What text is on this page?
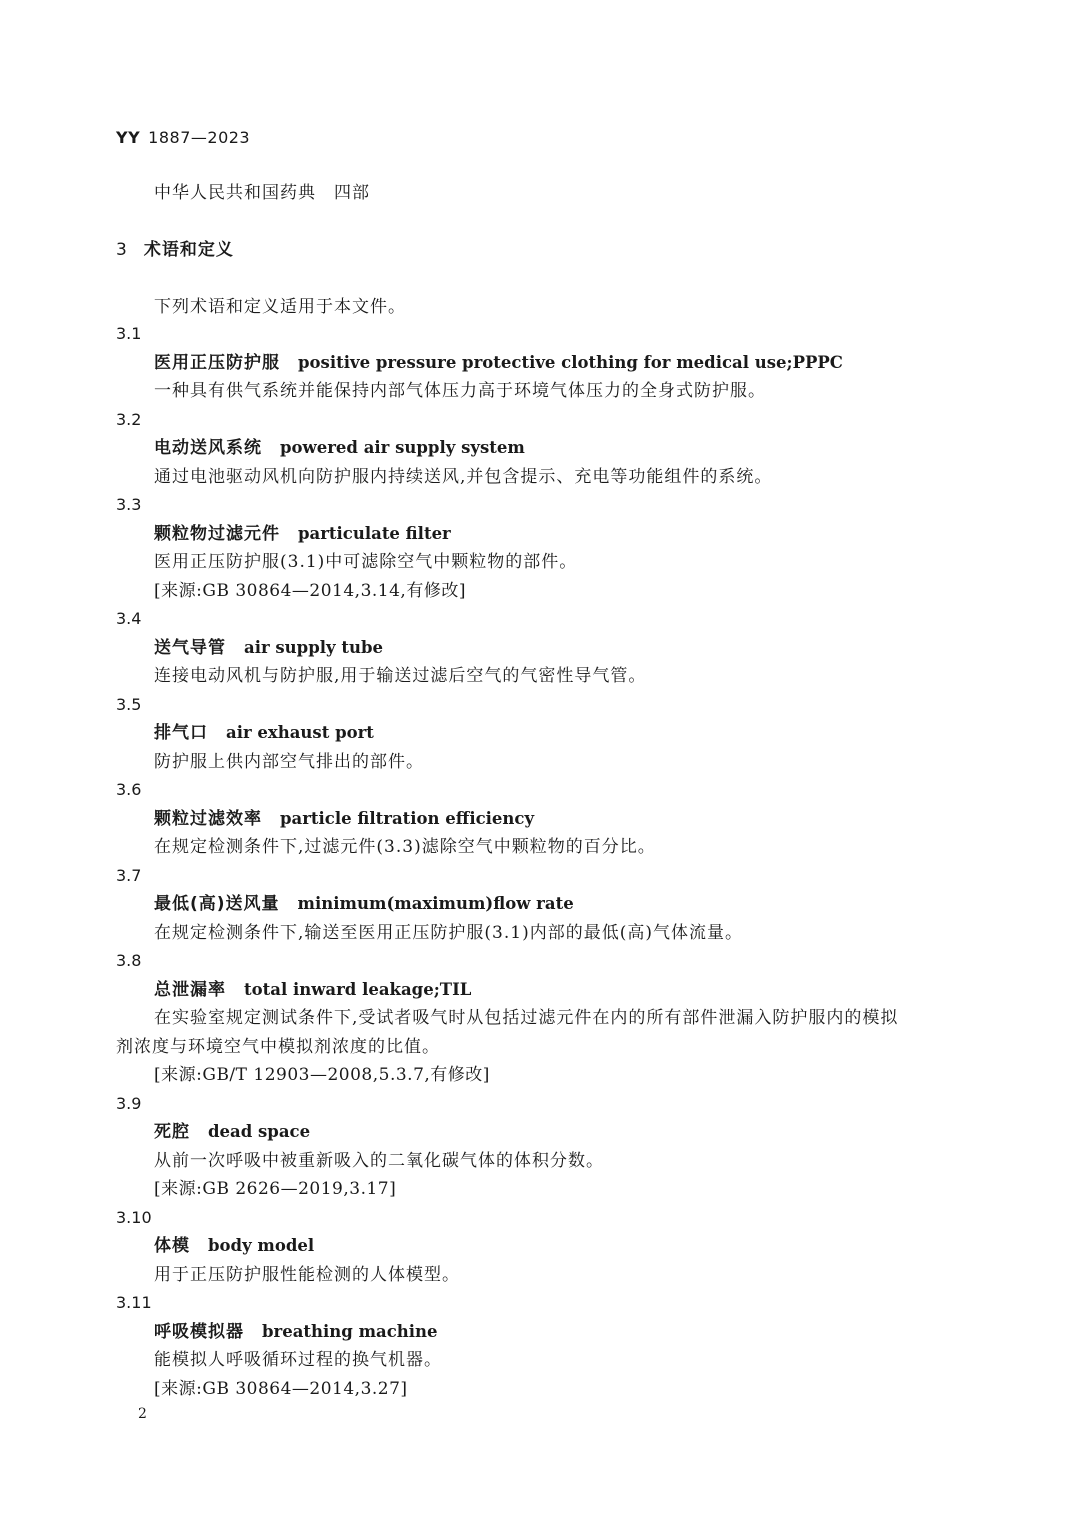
YY 1887—2023
中华人民共和国药典 四部
3 术语和定义
下列术语和定义适用于本文件。
3.1
医用正压防护服 positive pressure protective clothing for medical use;PPPC
一种具有供气系统并能保持内部气体压力高于环境气体压力的全身式防护服。
3.2
电动送风系统 powered air supply system
通过电池驱动风机向防护服内持续送风,并包含提示、充电等功能组件的系统。
3.3
颗粒物过滤元件 particulate filter
医用正压防护服(3.1)中可滤除空气中颗粒物的部件。
[来源:GB 30864—2014,3.14,有修改]
3.4
送气导管 air supply tube
连接电动风机与防护服,用于输送过滤后空气的气密性导气管。
3.5
排气口 air exhaust port
防护服上供内部空气排出的部件。
3.6
颗粒过滤效率 particle filtration efficiency
在规定检测条件下,过滤元件(3.3)滤除空气中颗粒物的百分比。
3.7
最低(高)送风量 minimum(maximum)flow rate
在规定检测条件下,输送至医用正压防护服(3.1)内部的最低(高)气体流量。
3.8
总泄漏率 total inward leakage;TIL
在实验室规定测试条件下,受试者吸气时从包括过滤元件在内的所有部件泄漏入防护服内的模拟
剂浓度与环境空气中模拟剂浓度的比值。
[来源:GB/T 12903—2008,5.3.7,有修改]
3.9
死腔 dead space
从前一次呼吸中被重新吸入的二氧化碳气体的体积分数。
[来源:GB 2626—2019,3.17]
3.10
体模 body model
用于正压防护服性能检测的人体模型。
3.11
呼吸模拟器 breathing machine
能模拟人呼吸循环过程的换气机器。
[来源:GB 30864—2014,3.27]
2
